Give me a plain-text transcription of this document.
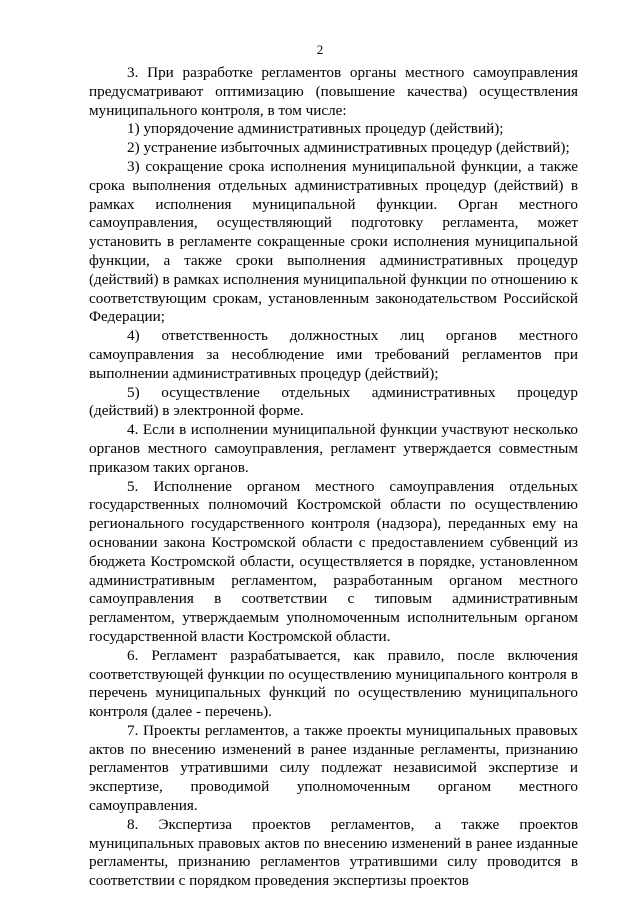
2

3. При разработке регламентов органы местного самоуправления предусматривают оптимизацию (повышение качества) осуществления муниципального контроля, в том числе:

1) упорядочение административных процедур (действий);

2) устранение избыточных административных процедур (действий);

3) сокращение срока исполнения муниципальной функции, а также срока выполнения отдельных административных процедур (действий) в рамках исполнения муниципальной функции. Орган местного самоуправления, осуществляющий подготовку регламента, может установить в регламенте сокращенные сроки исполнения муниципальной функции, а также сроки выполнения административных процедур (действий) в рамках исполнения муниципальной функции по отношению к соответствующим срокам, установленным законодательством Российской Федерации;

4) ответственность должностных лиц органов местного самоуправления за несоблюдение ими требований регламентов при выполнении административных процедур (действий);

5) осуществление отдельных административных процедур (действий) в электронной форме.

4. Если в исполнении муниципальной функции участвуют несколько органов местного самоуправления, регламент утверждается совместным приказом таких органов.

5. Исполнение органом местного самоуправления отдельных государственных полномочий Костромской области по осуществлению регионального государственного контроля (надзора), переданных ему на основании закона Костромской области с предоставлением субвенций из бюджета Костромской области, осуществляется в порядке, установленном административным регламентом, разработанным органом местного самоуправления в соответствии с типовым административным регламентом, утверждаемым уполномоченным исполнительным органом государственной власти Костромской области.

6. Регламент разрабатывается, как правило, после включения соответствующей функции по осуществлению муниципального контроля в перечень муниципальных функций по осуществлению муниципального контроля (далее - перечень).

7. Проекты регламентов, а также проекты муниципальных правовых актов по внесению изменений в ранее изданные регламенты, признанию регламентов утратившими силу подлежат независимой экспертизе и экспертизе, проводимой уполномоченным органом местного самоуправления.

8. Экспертиза проектов регламентов, а также проектов муниципальных правовых актов по внесению изменений в ранее изданные регламенты, признанию регламентов утратившими силу проводится в соответствии с порядком проведения экспертизы проектов
